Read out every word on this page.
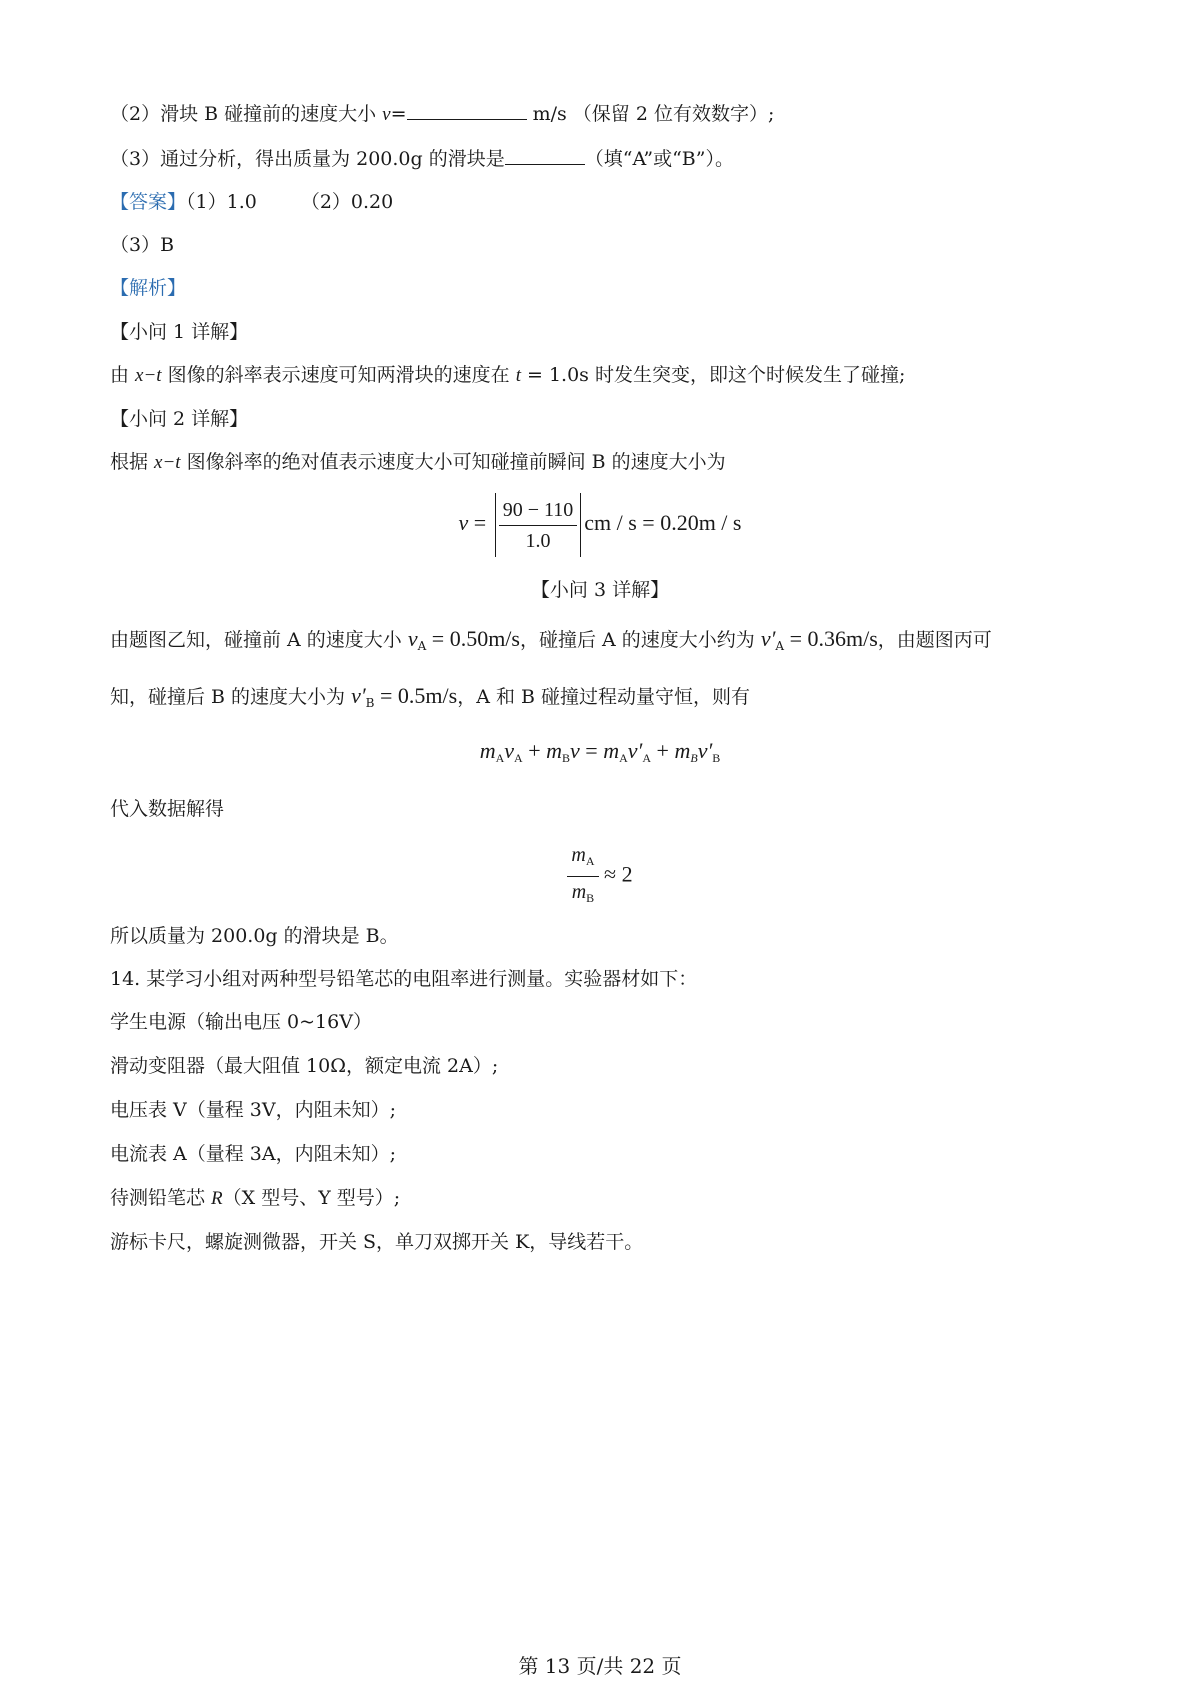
（2）滑块 B 碰撞前的速度大小 v=	m/s （保留 2 位有效数字）;
（3）通过分析，得出质量为 200.0g 的滑块是	（填“A”或“B”）。
【答案】（1）1.0 （2）0.20
（3）B
【解析】
【小问 1 详解】
由 x−t 图像的斜率表示速度可知两滑块的速度在 t = 1.0s 时发生突变，即这个时候发生了碰撞;
【小问 2 详解】
根据 x−t 图像斜率的绝对值表示速度大小可知碰撞前瞬间 B 的速度大小为
$v = \frac{90 - 110}{1.0}$ cm / s = 0.20m / s
【小问 3 详解】
由题图乙知，碰撞前 A 的速度大小 $v_A = 0.50m/s$，碰撞后 A 的速度大小约为 $v'_A = 0.36m/s$，由题图丙可
知，碰撞后 B 的速度大小为 $v'_B = 0.5m/s$，A 和 B 碰撞过程动量守恒，则有
$m_Av_A + m_Bv = m_Av'_A + m_Bv'_B$
代入数据解得
$\frac{m_A}{m_B} \approx 2$
所以质量为 200.0g 的滑块是 B。
14. 某学习小组对两种型号铅笔芯的电阻率进行测量。实验器材如下：
学生电源（输出电压 0~16V）
滑动变阻器（最大阻值 10Ω，额定电流 2A）;
电压表 V（量程 3V，内阻未知）;
电流表 A（量程 3A，内阻未知）;
待测铅笔芯 R（X 型号、Y 型号）;
游标卡尺，螺旋测微器，开关 S，单刀双掷开关 K，导线若干。
第 13 页/共 22 页
